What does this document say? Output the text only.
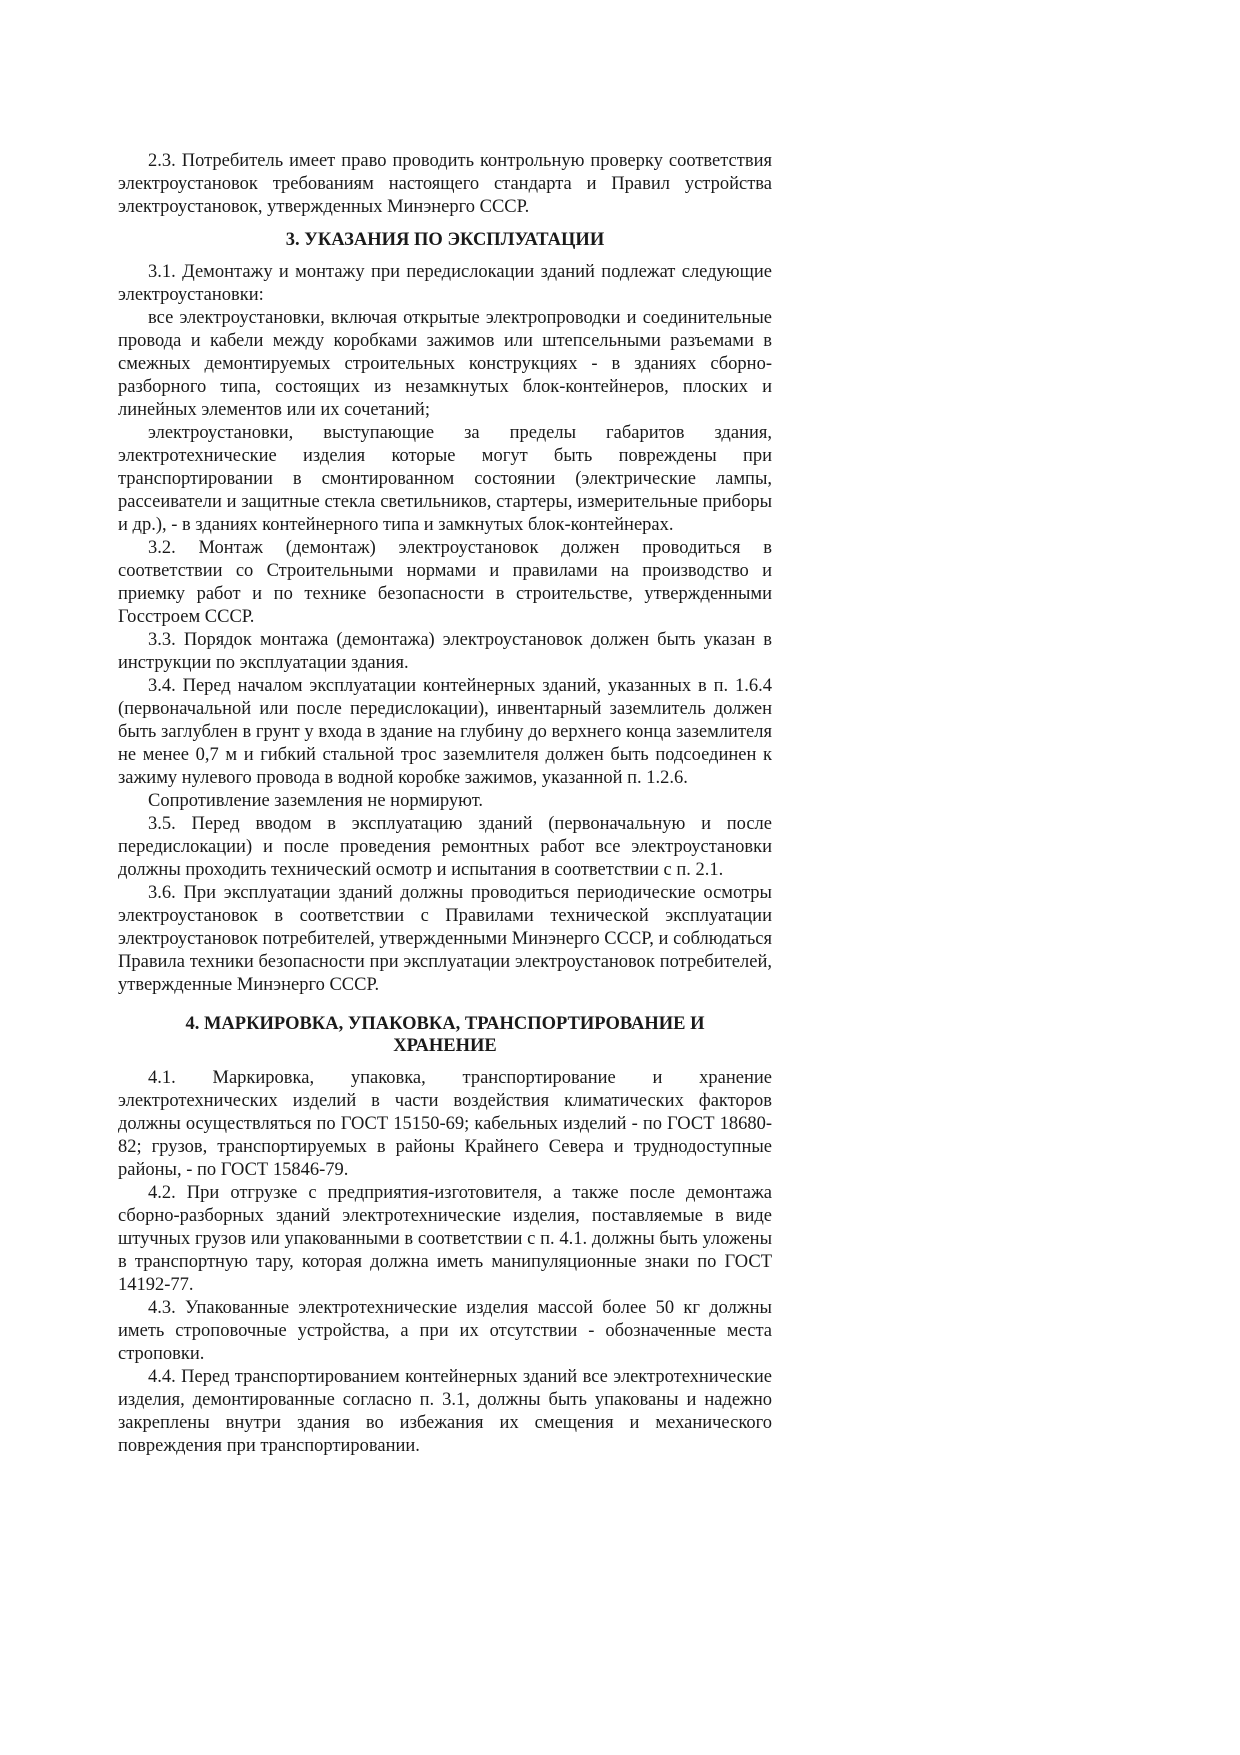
2.3. Потребитель имеет право проводить контрольную проверку соответствия электроустановок требованиям настоящего стандарта и Правил устройства электроустановок, утвержденных Минэнерго СССР.

3. УКАЗАНИЯ ПО ЭКСПЛУАТАЦИИ

3.1. Демонтажу и монтажу при передислокации зданий подлежат следующие электроустановки:

все электроустановки, включая открытые электропроводки и соединительные провода и кабели между коробками зажимов или штепсельными разъемами в смежных демонтируемых строительных конструкциях - в зданиях сборно-разборного типа, состоящих из незамкнутых блок-контейнеров, плоских и линейных элементов или их сочетаний;

электроустановки, выступающие за пределы габаритов здания, электротехнические изделия которые могут быть повреждены при транспортировании в смонтированном состоянии (электрические лампы, рассеиватели и защитные стекла светильников, стартеры, измерительные приборы и др.), - в зданиях контейнерного типа и замкнутых блок-контейнерах.

3.2. Монтаж (демонтаж) электроустановок должен проводиться в соответствии со Строительными нормами и правилами на производство и приемку работ и по технике безопасности в строительстве, утвержденными Госстроем СССР.

3.3. Порядок монтажа (демонтажа) электроустановок должен быть указан в инструкции по эксплуатации здания.

3.4. Перед началом эксплуатации контейнерных зданий, указанных в п. 1.6.4 (первоначальной или после передислокации), инвентарный заземлитель должен быть заглублен в грунт у входа в здание на глубину до верхнего конца заземлителя не менее 0,7 м и гибкий стальной трос заземлителя должен быть подсоединен к зажиму нулевого провода в водной коробке зажимов, указанной п. 1.2.6.

Сопротивление заземления не нормируют.

3.5. Перед вводом в эксплуатацию зданий (первоначальную и после передислокации) и после проведения ремонтных работ все электроустановки должны проходить технический осмотр и испытания в соответствии с п. 2.1.

3.6. При эксплуатации зданий должны проводиться периодические осмотры электроустановок в соответствии с Правилами технической эксплуатации электроустановок потребителей, утвержденными Минэнерго СССР, и соблюдаться Правила техники безопасности при эксплуатации электроустановок потребителей, утвержденные Минэнерго СССР.

4. МАРКИРОВКА, УПАКОВКА, ТРАНСПОРТИРОВАНИЕ И
ХРАНЕНИЕ

4.1. Маркировка, упаковка, транспортирование и хранение электротехнических изделий в части воздействия климатических факторов должны осуществляться по ГОСТ 15150-69; кабельных изделий - по ГОСТ 18680-82; грузов, транспортируемых в районы Крайнего Севера и труднодоступные районы, - по ГОСТ 15846-79.

4.2. При отгрузке с предприятия-изготовителя, а также после демонтажа сборно-разборных зданий электротехнические изделия, поставляемые в виде штучных грузов или упакованными в соответствии с п. 4.1. должны быть уложены в транспортную тару, которая должна иметь манипуляционные знаки по ГОСТ 14192-77.

4.3. Упакованные электротехнические изделия массой более 50 кг должны иметь строповочные устройства, а при их отсутствии - обозначенные места строповки.

4.4. Перед транспортированием контейнерных зданий все электротехнические изделия, демонтированные согласно п. 3.1, должны быть упакованы и надежно закреплены внутри здания во избежания их смещения и механического повреждения при транспортировании.
